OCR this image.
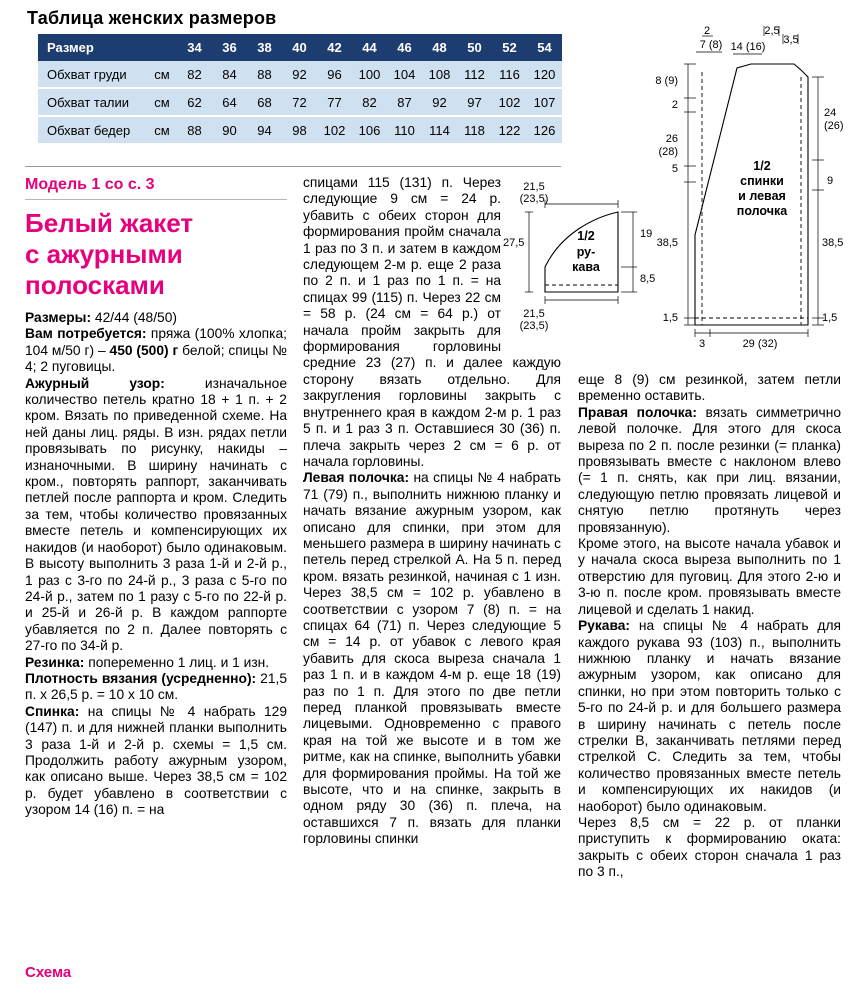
Таблица женских размеров
Размер		34	36	38	40	42	44	46	48	50	52	54
Обхват груди	см	82	84	88	92	96	100	104	108	112	116	120
Обхват талии	см	62	64	68	72	77	82	87	92	97	102	107
Обхват бедер	см	88	90	94	98	102	106	110	114	118	122	126
21,5
(23,5)
27,5
19
8,5
21,5
(23,5)
1/2
ру-
кава
2
7 (8) 14 (16)
2,5
3,5
8 (9)
2
26
(28)
5
38,5
1,5
24
(26)
9
38,5
1,5
3	29 (32)
1/2
спинки
и левая
полочка
Модель 1 со с. 3
Белый жакет
с ажурными
полосками

Размеры: 42/44 (48/50)

Вам потребуется: пряжа (100% хлопка; 104 м/50 г) – 450 (500) г белой; спицы № 4; 2 пуговицы.

Ажурный узор: изначальное количество петель кратно 18 + 1 п. + 2 кром. Вязать по приведенной схеме. На ней даны лиц. ряды. В изн. рядах петли провязывать по рисунку, накиды – изнаночными. В ширину начинать с кром., повторять раппорт, заканчивать петлей после раппорта и кром. Следить за тем, чтобы количество провязанных вместе петель и компенсирующих их накидов (и наоборот) было одинаковым. В высоту выполнить 3 раза 1-й и 2-й р., 1 раз с 3-го по 24-й р., 3 раза с 5-го по 24-й р., затем по 1 разу с 5-го по 22-й р. и 25-й и 26-й р. В каждом раппорте убавляется по 2 п. Далее повторять с 27-го по 34-й р.

Резинка: попеременно 1 лиц. и 1 изн.

Плотность вязания (усредненно): 21,5 п. х 26,5 р. = 10 х 10 см.

Спинка: на спицы № 4 набрать 129 (147) п. и для нижней планки выполнить 3 раза 1-й и 2-й р. схемы = 1,5 см. Продолжить работу ажурным узором, как описано выше. Через 38,5 см = 102 р. будет убавлено в соответствии с узором 14 (16) п. = на

спицами 115 (131) п. Через следующие 9 см = 24 р. убавить с обеих сторон для формирования пройм сначала 1 раз по 3 п. и затем в каждом следующем 2-м р. еще 2 раза по 2 п. и 1 раз по 1 п. = на спицах 99 (115) п. Через 22 см = 58 р. (24 см = 64 р.) от начала пройм закрыть для формирования горловины средние 23 (27) п. и далее каждую сторону вязать отдельно. Для закругления горловины закрыть с внутреннего края в каждом 2-м р. 1 раз 5 п. и 1 раз 3 п. Оставшиеся 30 (36) п. плеча закрыть через 2 см = 6 р. от начала горловины.

Левая полочка: на спицы № 4 набрать 71 (79) п., выполнить нижнюю планку и начать вязание ажурным узором, как описано для спинки, при этом для меньшего размера в ширину начинать с петель перед стрелкой A. На 5 п. перед кром. вязать резинкой, начиная с 1 изн. Через 38,5 см = 102 р. убавлено в соответствии с узором 7 (8) п. = на спицах 64 (71) п. Через следующие 5 см = 14 р. от убавок с левого края убавить для скоса выреза сначала 1 раз 1 п. и в каждом 4-м р. еще 18 (19) раз по 1 п. Для этого по две петли перед планкой провязывать вместе лицевыми. Одновременно с правого края на той же высоте и в том же ритме, как на спинке, выполнить убавки для формирования проймы. На той же высоте, что и на спинке, закрыть в одном ряду 30 (36) п. плеча, на оставшихся 7 п. вязать для планки горловины спинки

еще 8 (9) см резинкой, затем петли временно оставить.

Правая полочка: вязать симметрично левой полочке. Для этого для скоса выреза по 2 п. после резинки (= планка) провязывать вместе с наклоном влево (= 1 п. снять, как при лиц. вязании, следующую петлю провязать лицевой и снятую петлю протянуть через провязанную).

Кроме этого, на высоте начала убавок и у начала скоса выреза выполнить по 1 отверстию для пуговиц. Для этого 2-ю и 3-ю п. после кром. провязывать вместе лицевой и сделать 1 накид.

Рукава: на спицы № 4 набрать для каждого рукава 93 (103) п., выполнить нижнюю планку и начать вязание ажурным узором, как описано для спинки, но при этом повторить только с 5-го по 24-й р. и для большего размера в ширину начинать с петель после стрелки B, заканчивать петлями перед стрелкой C. Следить за тем, чтобы количество провязанных вместе петель и компенсирующих их накидов (и наоборот) было одинаковым.

Через 8,5 см = 22 р. от планки приступить к формированию оката: закрыть с обеих сторон сначала 1 раз по 3 п.,

Схема
